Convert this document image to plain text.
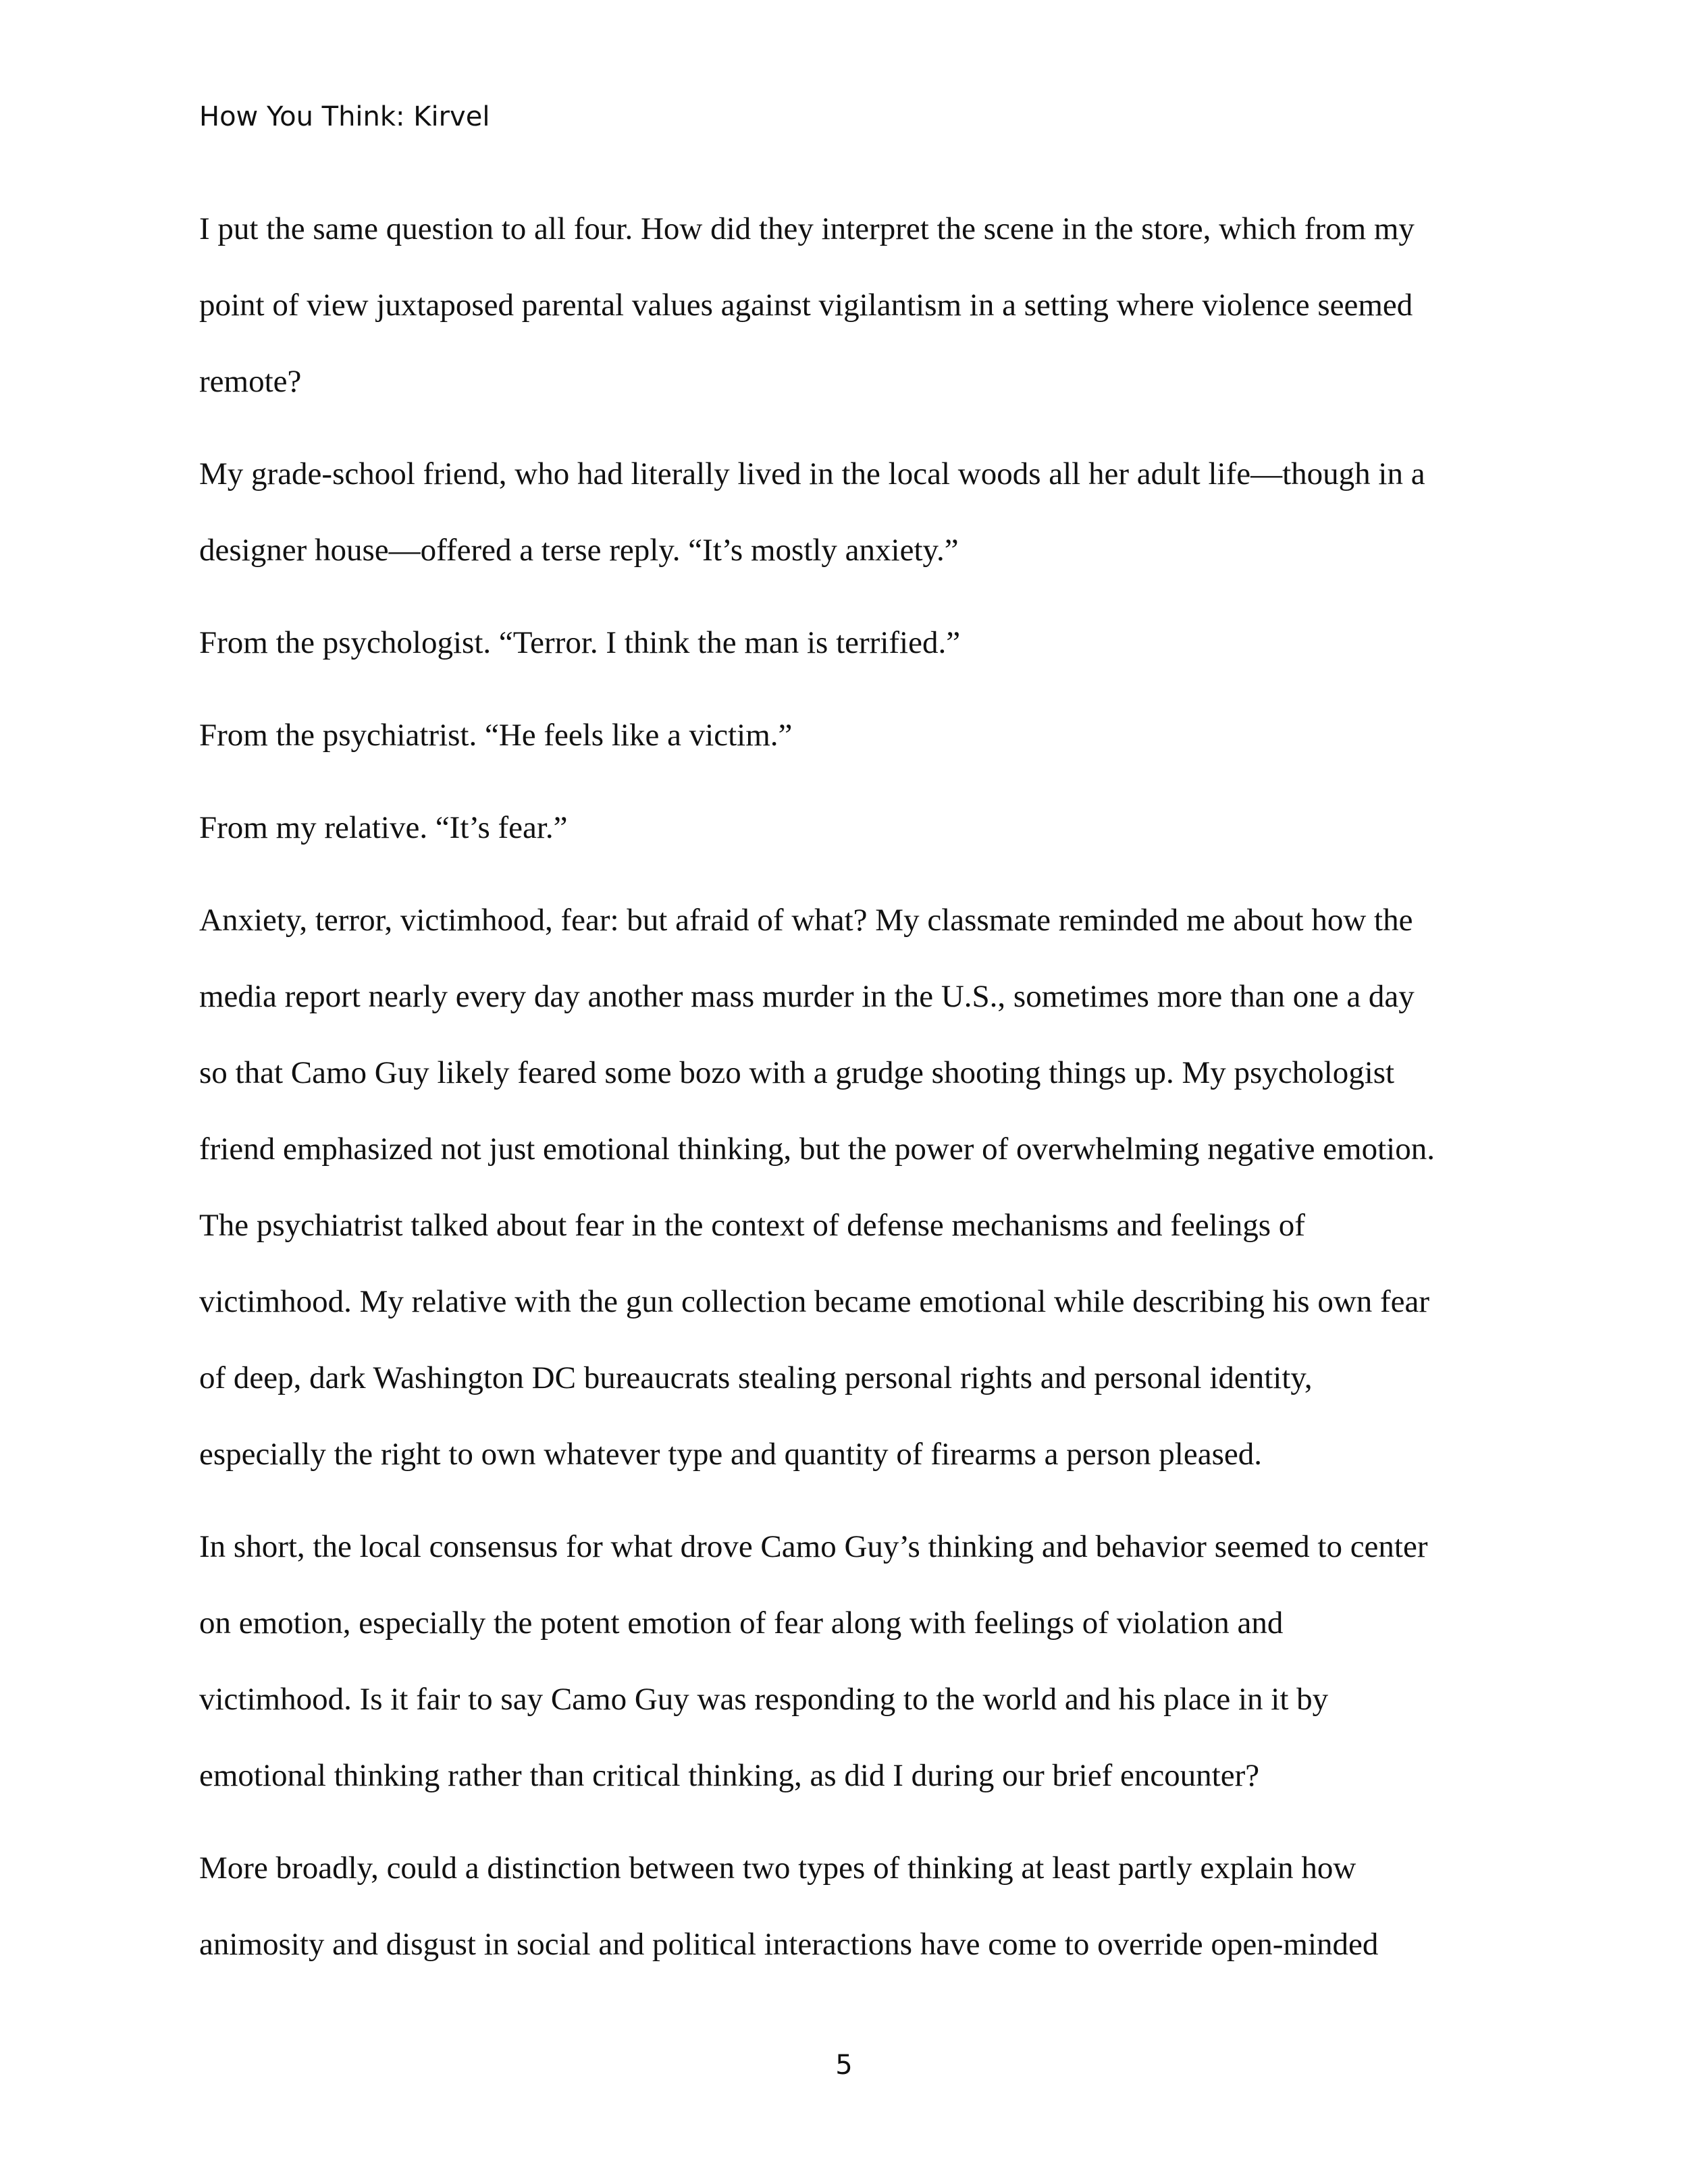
How You Think: Kirvel

I put the same question to all four. How did they interpret the scene in the store, which from my
point of view juxtaposed parental values against vigilantism in a setting where violence seemed
remote?

My grade-school friend, who had literally lived in the local woods all her adult life—though in a
designer house—offered a terse reply. “It’s mostly anxiety.”

From the psychologist. “Terror. I think the man is terrified.”

From the psychiatrist. “He feels like a victim.”

From my relative. “It’s fear.”

Anxiety, terror, victimhood, fear: but afraid of what? My classmate reminded me about how the
media report nearly every day another mass murder in the U.S., sometimes more than one a day
so that Camo Guy likely feared some bozo with a grudge shooting things up. My psychologist
friend emphasized not just emotional thinking, but the power of overwhelming negative emotion.
The psychiatrist talked about fear in the context of defense mechanisms and feelings of
victimhood. My relative with the gun collection became emotional while describing his own fear
of deep, dark Washington DC bureaucrats stealing personal rights and personal identity,
especially the right to own whatever type and quantity of firearms a person pleased.

In short, the local consensus for what drove Camo Guy’s thinking and behavior seemed to center
on emotion, especially the potent emotion of fear along with feelings of violation and
victimhood. Is it fair to say Camo Guy was responding to the world and his place in it by
emotional thinking rather than critical thinking, as did I during our brief encounter?

More broadly, could a distinction between two types of thinking at least partly explain how
animosity and disgust in social and political interactions have come to override open-minded

5
